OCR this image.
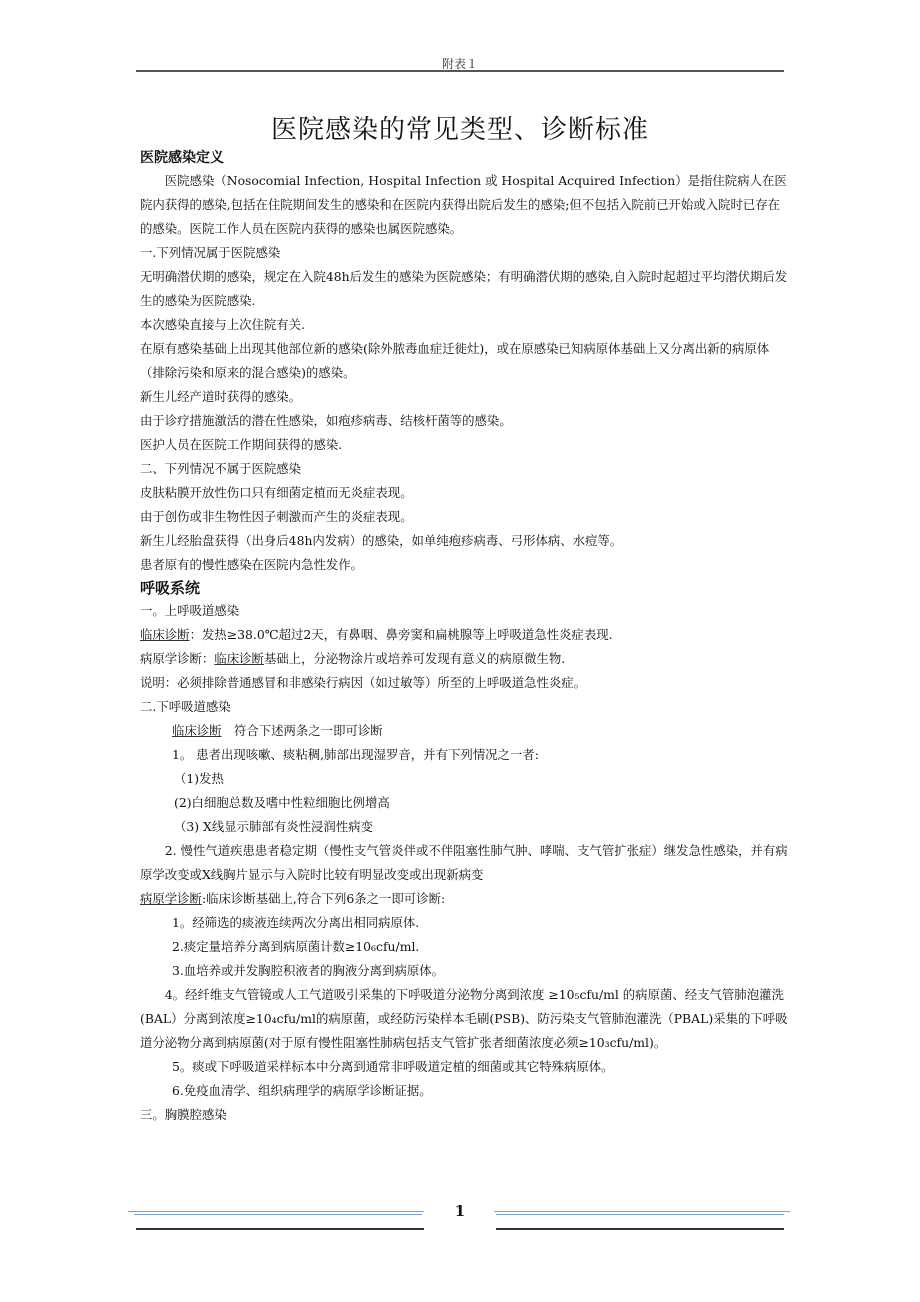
附表１
医院感染的常见类型、诊断标准

医院感染定义

医院感染（Nosocomial Infection, Hospital Infection 或 Hospital Acquired Infection）是指住院病人在医院内获得的感染,包括在住院期间发生的感染和在医院内获得出院后发生的感染;但不包括入院前已开始或入院时已存在的感染。医院工作人员在医院内获得的感染也属医院感染。

一.下列情况属于医院感染

无明确潜伏期的感染，规定在入院48h后发生的感染为医院感染；有明确潜伏期的感染,自入院时起超过平均潜伏期后发生的感染为医院感染.

本次感染直接与上次住院有关.

在原有感染基础上出现其他部位新的感染(除外脓毒血症迁徙灶)，或在原感染已知病原体基础上又分离出新的病原体（排除污染和原来的混合感染)的感染。

新生儿经产道时获得的感染。

由于诊疗措施激活的潜在性感染，如疱疹病毒、结核杆菌等的感染。

医护人员在医院工作期间获得的感染.

二、下列情况不属于医院感染

皮肤粘膜开放性伤口只有细菌定植而无炎症表现。

由于创伤或非生物性因子刺激而产生的炎症表现。

新生儿经胎盘获得（出身后48h内发病）的感染，如单纯疱疹病毒、弓形体病、水痘等。

患者原有的慢性感染在医院内急性发作。

呼吸系统

一。上呼吸道感染

临床诊断：发热≥38.0℃超过2天，有鼻咽、鼻旁窦和扁桃腺等上呼吸道急性炎症表现.

病原学诊断：临床诊断基础上，分泌物涂片或培养可发现有意义的病原微生物.

说明：必须排除普通感冒和非感染行病因（如过敏等）所至的上呼吸道急性炎症。

二.下呼吸道感染

临床诊断　符合下述两条之一即可诊断

1。 患者出现咳嗽、痰粘稠,肺部出现湿罗音，并有下列情况之一者:

（1)发热

(2)白细胞总数及嗜中性粒细胞比例增高

（3) X线显示肺部有炎性浸润性病变

2. 慢性气道疾患患者稳定期（慢性支气管炎伴或不伴阻塞性肺气肿、哮喘、支气管扩张症）继发急性感染，并有病原学改变或X线胸片显示与入院时比较有明显改变或出现新病变

病原学诊断:临床诊断基础上,符合下列6条之一即可诊断:

1。经筛选的痰液连续两次分离出相同病原体.

2.痰定量培养分离到病原菌计数≥10₆cfu/ml.

3.血培养或并发胸腔积液者的胸液分离到病原体。

4。经纤维支气管镜或人工气道吸引采集的下呼吸道分泌物分离到浓度 ≥10₅cfu/ml 的病原菌、经支气管肺泡灌洗(BAL）分离到浓度≥10₄cfu/ml的病原菌，或经防污染样本毛刷(PSB)、防污染支气管肺泡灌洗（PBAL)采集的下呼吸道分泌物分离到病原菌(对于原有慢性阻塞性肺病包括支气管扩张者细菌浓度必须≥10₃cfu/ml)。

5。痰或下呼吸道采样标本中分离到通常非呼吸道定植的细菌或其它特殊病原体。

6.免疫血清学、组织病理学的病原学诊断证据。

三。胸膜腔感染

1
